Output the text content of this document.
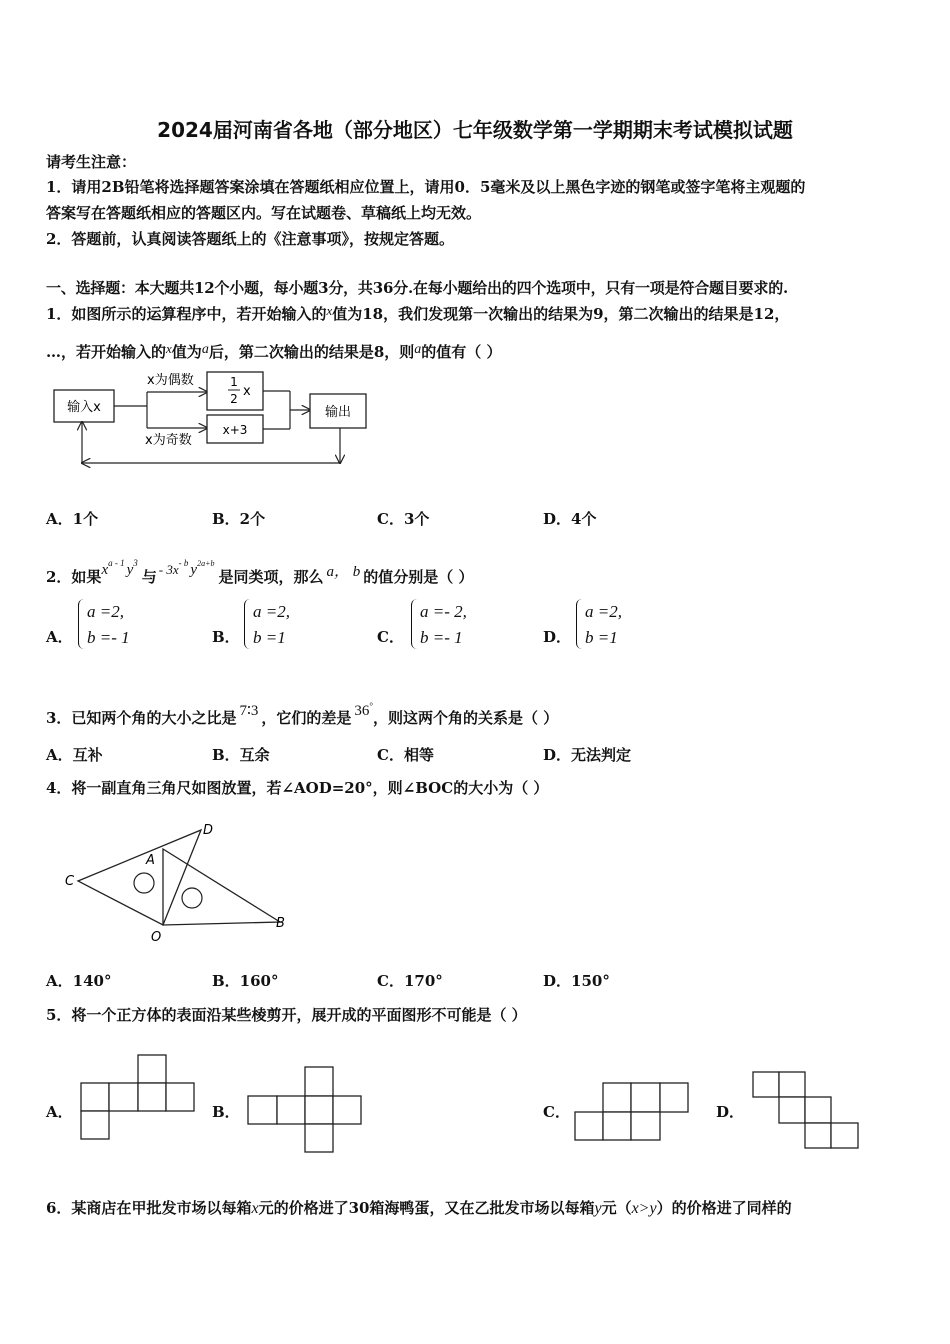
2024届河南省各地（部分地区）七年级数学第一学期期末考试模拟试题
请考生注意：
1．请用2B铅笔将选择题答案涂填在答题纸相应位置上，请用0．5毫米及以上黑色字迹的钢笔或签字笔将主观题的
答案写在答题纸相应的答题区内。写在试题卷、草稿纸上均无效。
2．答题前，认真阅读答题纸上的《注意事项》，按规定答题。
一、选择题：本大题共12个小题，每小题3分，共36分.在每小题给出的四个选项中，只有一项是符合题目要求的.
1．如图所示的运算程序中，若开始输入的x值为18，我们发现第一次输出的结果为9，第二次输出的结果是12，
…，若开始输入的x值为a后，第二次输出的结果是8，则a的值有（ ）
输入x
x为偶数
x为奇数
1
2 x
x+3
输出
A．1个	B．2个	C．3个	D．4个
2．如果$x^{a - 1}$ $y^3$与 - $3x^{- b}$ $y^{2a+b}$是同类项，那么 a， b 的值分别是（ ）
A．
a =2,
b =- 1	B．
a =2,
b =1	C．
a =- 2,
b =- 1	D．
a =2,
b =1
3．已知两个角的大小之比是 7∶3 ，它们的差是 36°，则这两个角的关系是（ ）
A．互补	B．互余	C．相等	D．无法判定
4．将一副直角三角尺如图放置，若∠AOD=20°，则∠BOC的大小为（ ）
C
A
D
B
O
A．140°	B．160°	C．170°	D．150°
5．将一个正方体的表面沿某些棱剪开，展开成的平面图形不可能是（ ）
A．	B．	C．	D．
6．某商店在甲批发市场以每箱x元的价格进了30箱海鸭蛋，又在乙批发市场以每箱y元（x>y）的价格进了同样的
